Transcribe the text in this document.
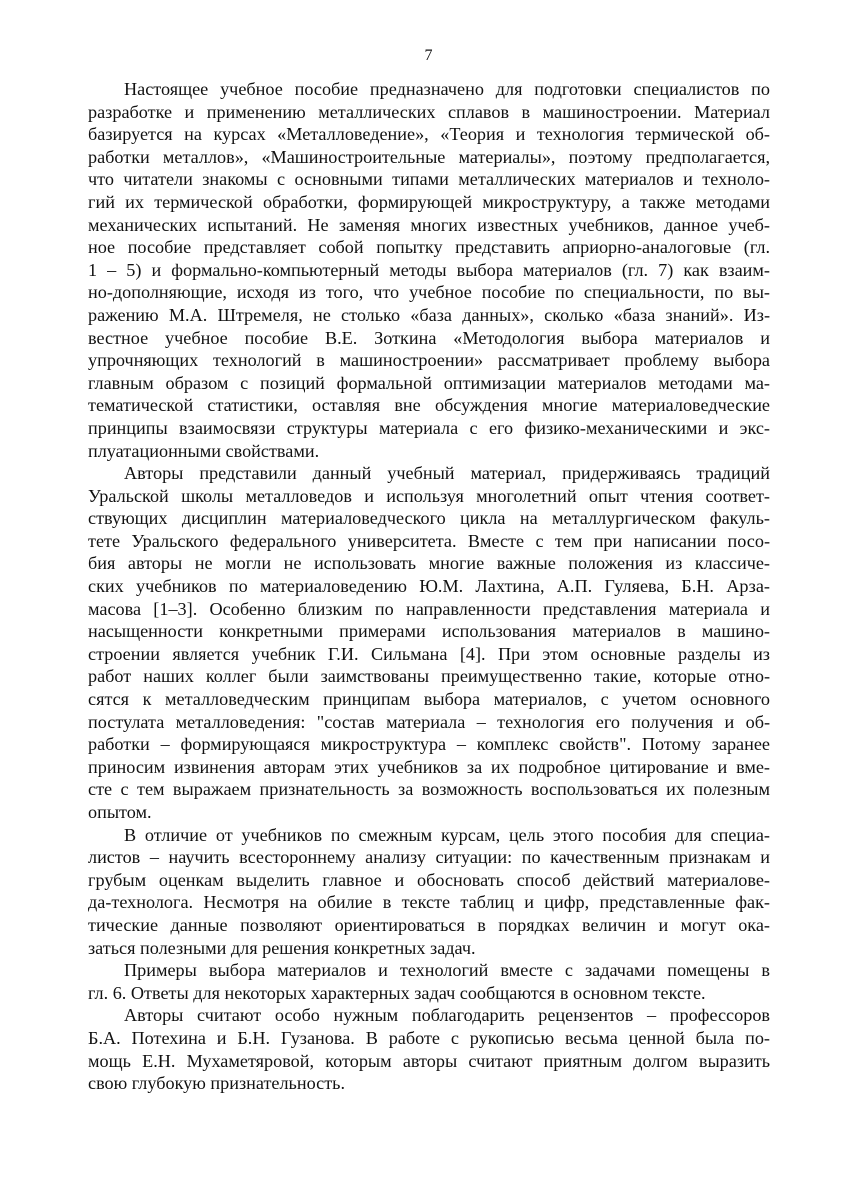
7

Настоящее учебное пособие предназначено для подготовки специалистов по
разработке и применению металлических сплавов в машиностроении. Материал
базируется на курсах «Металловедение», «Теория и технология термической об-
работки металлов», «Машиностроительные материалы», поэтому предполагается,
что читатели знакомы с основными типами металлических материалов и техноло-
гий их термической обработки, формирующей микроструктуру, а также методами
механических испытаний. Не заменяя многих известных учебников, данное учеб-
ное пособие представляет собой попытку представить априорно-аналоговые (гл.
1 – 5) и формально-компьютерный методы выбора материалов (гл. 7) как взаим-
но-дополняющие, исходя из того, что учебное пособие по специальности, по вы-
ражению М.А. Штремеля, не столько «база данных», сколько «база знаний». Из-
вестное учебное пособие В.Е. Зоткина «Методология выбора материалов и
упрочняющих технологий в машиностроении» рассматривает проблему выбора
главным образом с позиций формальной оптимизации материалов методами ма-
тематической статистики, оставляя вне обсуждения многие материаловедческие
принципы взаимосвязи структуры материала с его физико-механическими и экс-
плуатационными свойствами.

Авторы представили данный учебный материал, придерживаясь традиций
Уральской школы металловедов и используя многолетний опыт чтения соответ-
ствующих дисциплин материаловедческого цикла на металлургическом факуль-
тете Уральского федерального университета. Вместе с тем при написании посо-
бия авторы не могли не использовать многие важные положения из классиче-
ских учебников по материаловедению Ю.М. Лахтина, А.П. Гуляева, Б.Н. Арза-
масова [1–3]. Особенно близким по направленности представления материала и
насыщенности конкретными примерами использования материалов в машино-
строении является учебник Г.И. Сильмана [4]. При этом основные разделы из
работ наших коллег были заимствованы преимущественно такие, которые отно-
сятся к металловедческим принципам выбора материалов, с учетом основного
постулата металловедения: "состав материала – технология его получения и об-
работки – формирующаяся микроструктура – комплекс свойств". Потому заранее
приносим извинения авторам этих учебников за их подробное цитирование и вме-
сте с тем выражаем признательность за возможность воспользоваться их полезным
опытом.

В отличие от учебников по смежным курсам, цель этого пособия для специа-
листов – научить всестороннему анализу ситуации: по качественным признакам и
грубым оценкам выделить главное и обосновать способ действий материалове-
да-технолога. Несмотря на обилие в тексте таблиц и цифр, представленные фак-
тические данные позволяют ориентироваться в порядках величин и могут ока-
заться полезными для решения конкретных задач.

Примеры выбора материалов и технологий вместе с задачами помещены в
гл. 6. Ответы для некоторых характерных задач сообщаются в основном тексте.

Авторы считают особо нужным поблагодарить рецензентов – профессоров
Б.А. Потехина и Б.Н. Гузанова. В работе с рукописью весьма ценной была по-
мощь Е.Н. Мухаметяровой, которым авторы считают приятным долгом выразить
свою глубокую признательность.
